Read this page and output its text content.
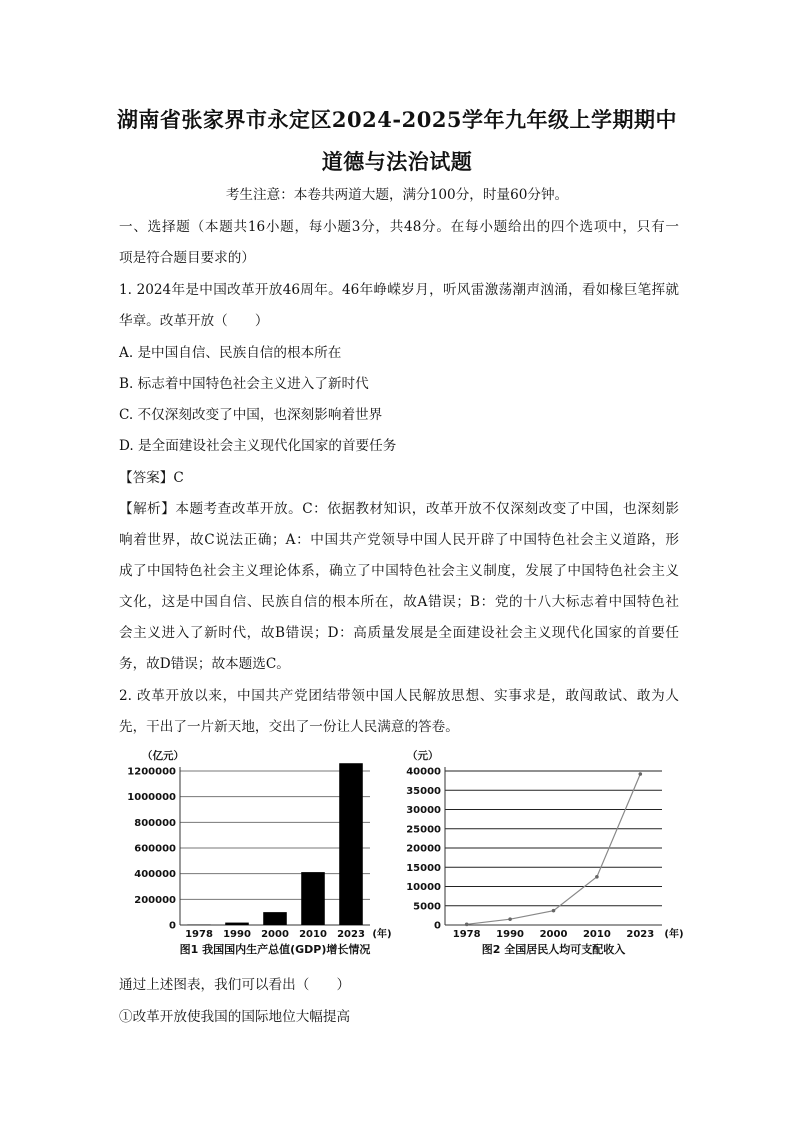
湖南省张家界市永定区2024-2025学年九年级上学期期中
道德与法治试题
考生注意：本卷共两道大题，满分100分，时量60分钟。
一、选择题（本题共16小题，每小题3分，共48分。在每小题给出的四个选项中，只有一
项是符合题目要求的）
1. 2024年是中国改革开放46周年。46年峥嵘岁月，听风雷激荡潮声汹涌，看如椽巨笔挥就
华章。改革开放（　　）
A. 是中国自信、民族自信的根本所在
B. 标志着中国特色社会主义进入了新时代
C. 不仅深刻改变了中国，也深刻影响着世界
D. 是全面建设社会主义现代化国家的首要任务
【答案】C
【解析】本题考查改革开放。C：依据教材知识，改革开放不仅深刻改变了中国，也深刻影
响着世界，故C说法正确；A：中国共产党领导中国人民开辟了中国特色社会主义道路，形
成了中国特色社会主义理论体系，确立了中国特色社会主义制度，发展了中国特色社会主义
文化，这是中国自信、民族自信的根本所在，故A错误；B：党的十八大标志着中国特色社
会主义进入了新时代，故B错误；D：高质量发展是全面建设社会主义现代化国家的首要任
务，故D错误；故本题选C。
2. 改革开放以来，中国共产党团结带领中国人民解放思想、实事求是，敢闯敢试、敢为人
先，干出了一片新天地，交出了一份让人民满意的答卷。
（亿元）
0
200000
400000
600000
800000
1000000
1200000
1978 1990 2000 2010 2023 (年)
图1 我国国内生产总值(GDP)增长情况
（元）
0
5000
10000
15000
20000
25000
30000
35000
40000
1978 1990 2000 2010 2023 (年)
图2 全国居民人均可支配收入
通过上述图表，我们可以看出（　　）
①改革开放使我国的国际地位大幅提高
